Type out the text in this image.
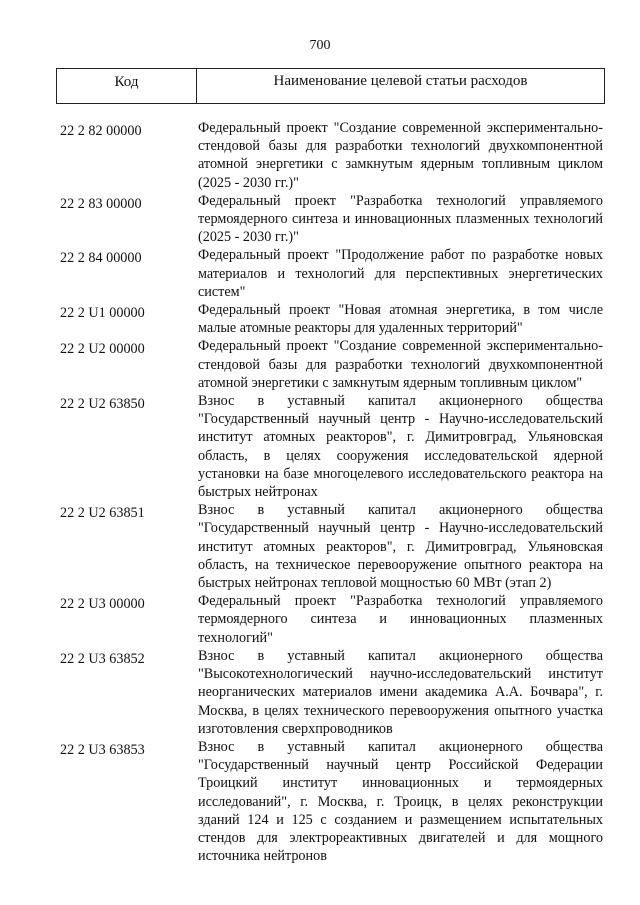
700
Код	Наименование целевой статьи расходов
22 2 82 00000	Федеральный проект "Создание современной экспериментально-стендовой базы для разработки технологий двухкомпонентной атомной энергетики с замкнутым ядерным топливным циклом (2025 - 2030 гг.)"
22 2 83 00000	Федеральный проект "Разработка технологий управляемого термоядерного синтеза и инновационных плазменных технологий (2025 - 2030 гг.)"
22 2 84 00000	Федеральный проект "Продолжение работ по разработке новых материалов и технологий для перспективных энергетических систем"
22 2 U1 00000	Федеральный проект "Новая атомная энергетика, в том числе малые атомные реакторы для удаленных территорий"
22 2 U2 00000	Федеральный проект "Создание современной экспериментально-стендовой базы для разработки технологий двухкомпонентной атомной энергетики с замкнутым ядерным топливным циклом"
22 2 U2 63850	Взнос в уставный капитал акционерного общества "Государственный научный центр - Научно-исследовательский институт атомных реакторов", г. Димитровград, Ульяновская область, в целях сооружения исследовательской ядерной установки на базе многоцелевого исследовательского реактора на быстрых нейтронах
22 2 U2 63851	Взнос в уставный капитал акционерного общества "Государственный научный центр - Научно-исследовательский институт атомных реакторов", г. Димитровград, Ульяновская область, на техническое перевооружение опытного реактора на быстрых нейтронах тепловой мощностью 60 МВт (этап 2)
22 2 U3 00000	Федеральный проект "Разработка технологий управляемого термоядерного синтеза и инновационных плазменных технологий"
22 2 U3 63852	Взнос в уставный капитал акционерного общества "Высокотехнологический научно-исследовательский институт неорганических материалов имени академика А.А. Бочвара", г. Москва, в целях технического перевооружения опытного участка изготовления сверхпроводников
22 2 U3 63853	Взнос в уставный капитал акционерного общества "Государственный научный центр Российской Федерации Троицкий институт инновационных и термоядерных исследований", г. Москва, г. Троицк, в целях реконструкции зданий 124 и 125 с созданием и размещением испытательных стендов для электрореактивных двигателей и для мощного источника нейтронов
